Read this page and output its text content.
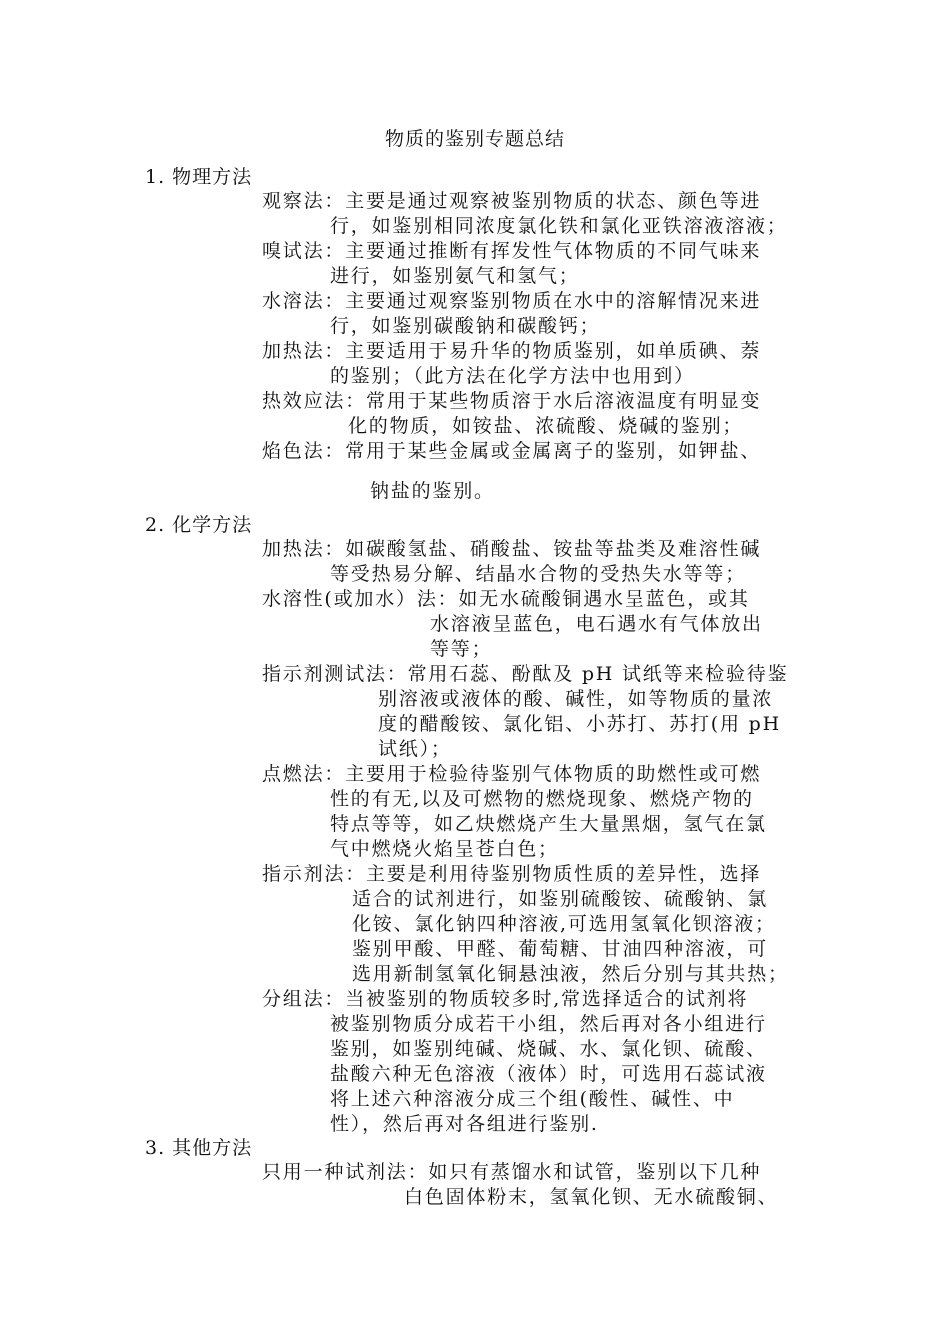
物质的鉴别专题总结
1. 物理方法
观察法：主要是通过观察被鉴别物质的状态、颜色等进
行，如鉴别相同浓度氯化铁和氯化亚铁溶液溶液；
嗅试法：主要通过推断有挥发性气体物质的不同气味来
进行，如鉴别氨气和氢气；
水溶法：主要通过观察鉴别物质在水中的溶解情况来进
行，如鉴别碳酸钠和碳酸钙；
加热法：主要适用于易升华的物质鉴别，如单质碘、萘
的鉴别；（此方法在化学方法中也用到）
热效应法：常用于某些物质溶于水后溶液温度有明显变
化的物质，如铵盐、浓硫酸、烧碱的鉴别；
焰色法：常用于某些金属或金属离子的鉴别，如钾盐、
钠盐的鉴别。
2. 化学方法
加热法：如碳酸氢盐、硝酸盐、铵盐等盐类及难溶性碱
等受热易分解、结晶水合物的受热失水等等；
水溶性(或加水）法：如无水硫酸铜遇水呈蓝色，或其
水溶液呈蓝色，电石遇水有气体放出
等等；
指示剂测试法：常用石蕊、酚酞及 pH 试纸等来检验待鉴
别溶液或液体的酸、碱性，如等物质的量浓
度的醋酸铵、氯化铝、小苏打、苏打(用 pH
试纸）；
点燃法：主要用于检验待鉴别气体物质的助燃性或可燃
性的有无,以及可燃物的燃烧现象、燃烧产物的
特点等等，如乙炔燃烧产生大量黑烟，氢气在氯
气中燃烧火焰呈苍白色；
指示剂法：主要是利用待鉴别物质性质的差异性，选择
适合的试剂进行，如鉴别硫酸铵、硫酸钠、氯
化铵、氯化钠四种溶液,可选用氢氧化钡溶液；
鉴别甲酸、甲醛、葡萄糖、甘油四种溶液，可
选用新制氢氧化铜悬浊液，然后分别与其共热；
分组法：当被鉴别的物质较多时,常选择适合的试剂将
被鉴别物质分成若干小组，然后再对各小组进行
鉴别，如鉴别纯碱、烧碱、水、氯化钡、硫酸、
盐酸六种无色溶液（液体）时，可选用石蕊试液
将上述六种溶液分成三个组(酸性、碱性、中
性），然后再对各组进行鉴别.
3. 其他方法
只用一种试剂法：如只有蒸馏水和试管，鉴别以下几种
白色固体粉末，氢氧化钡、无水硫酸铜、
